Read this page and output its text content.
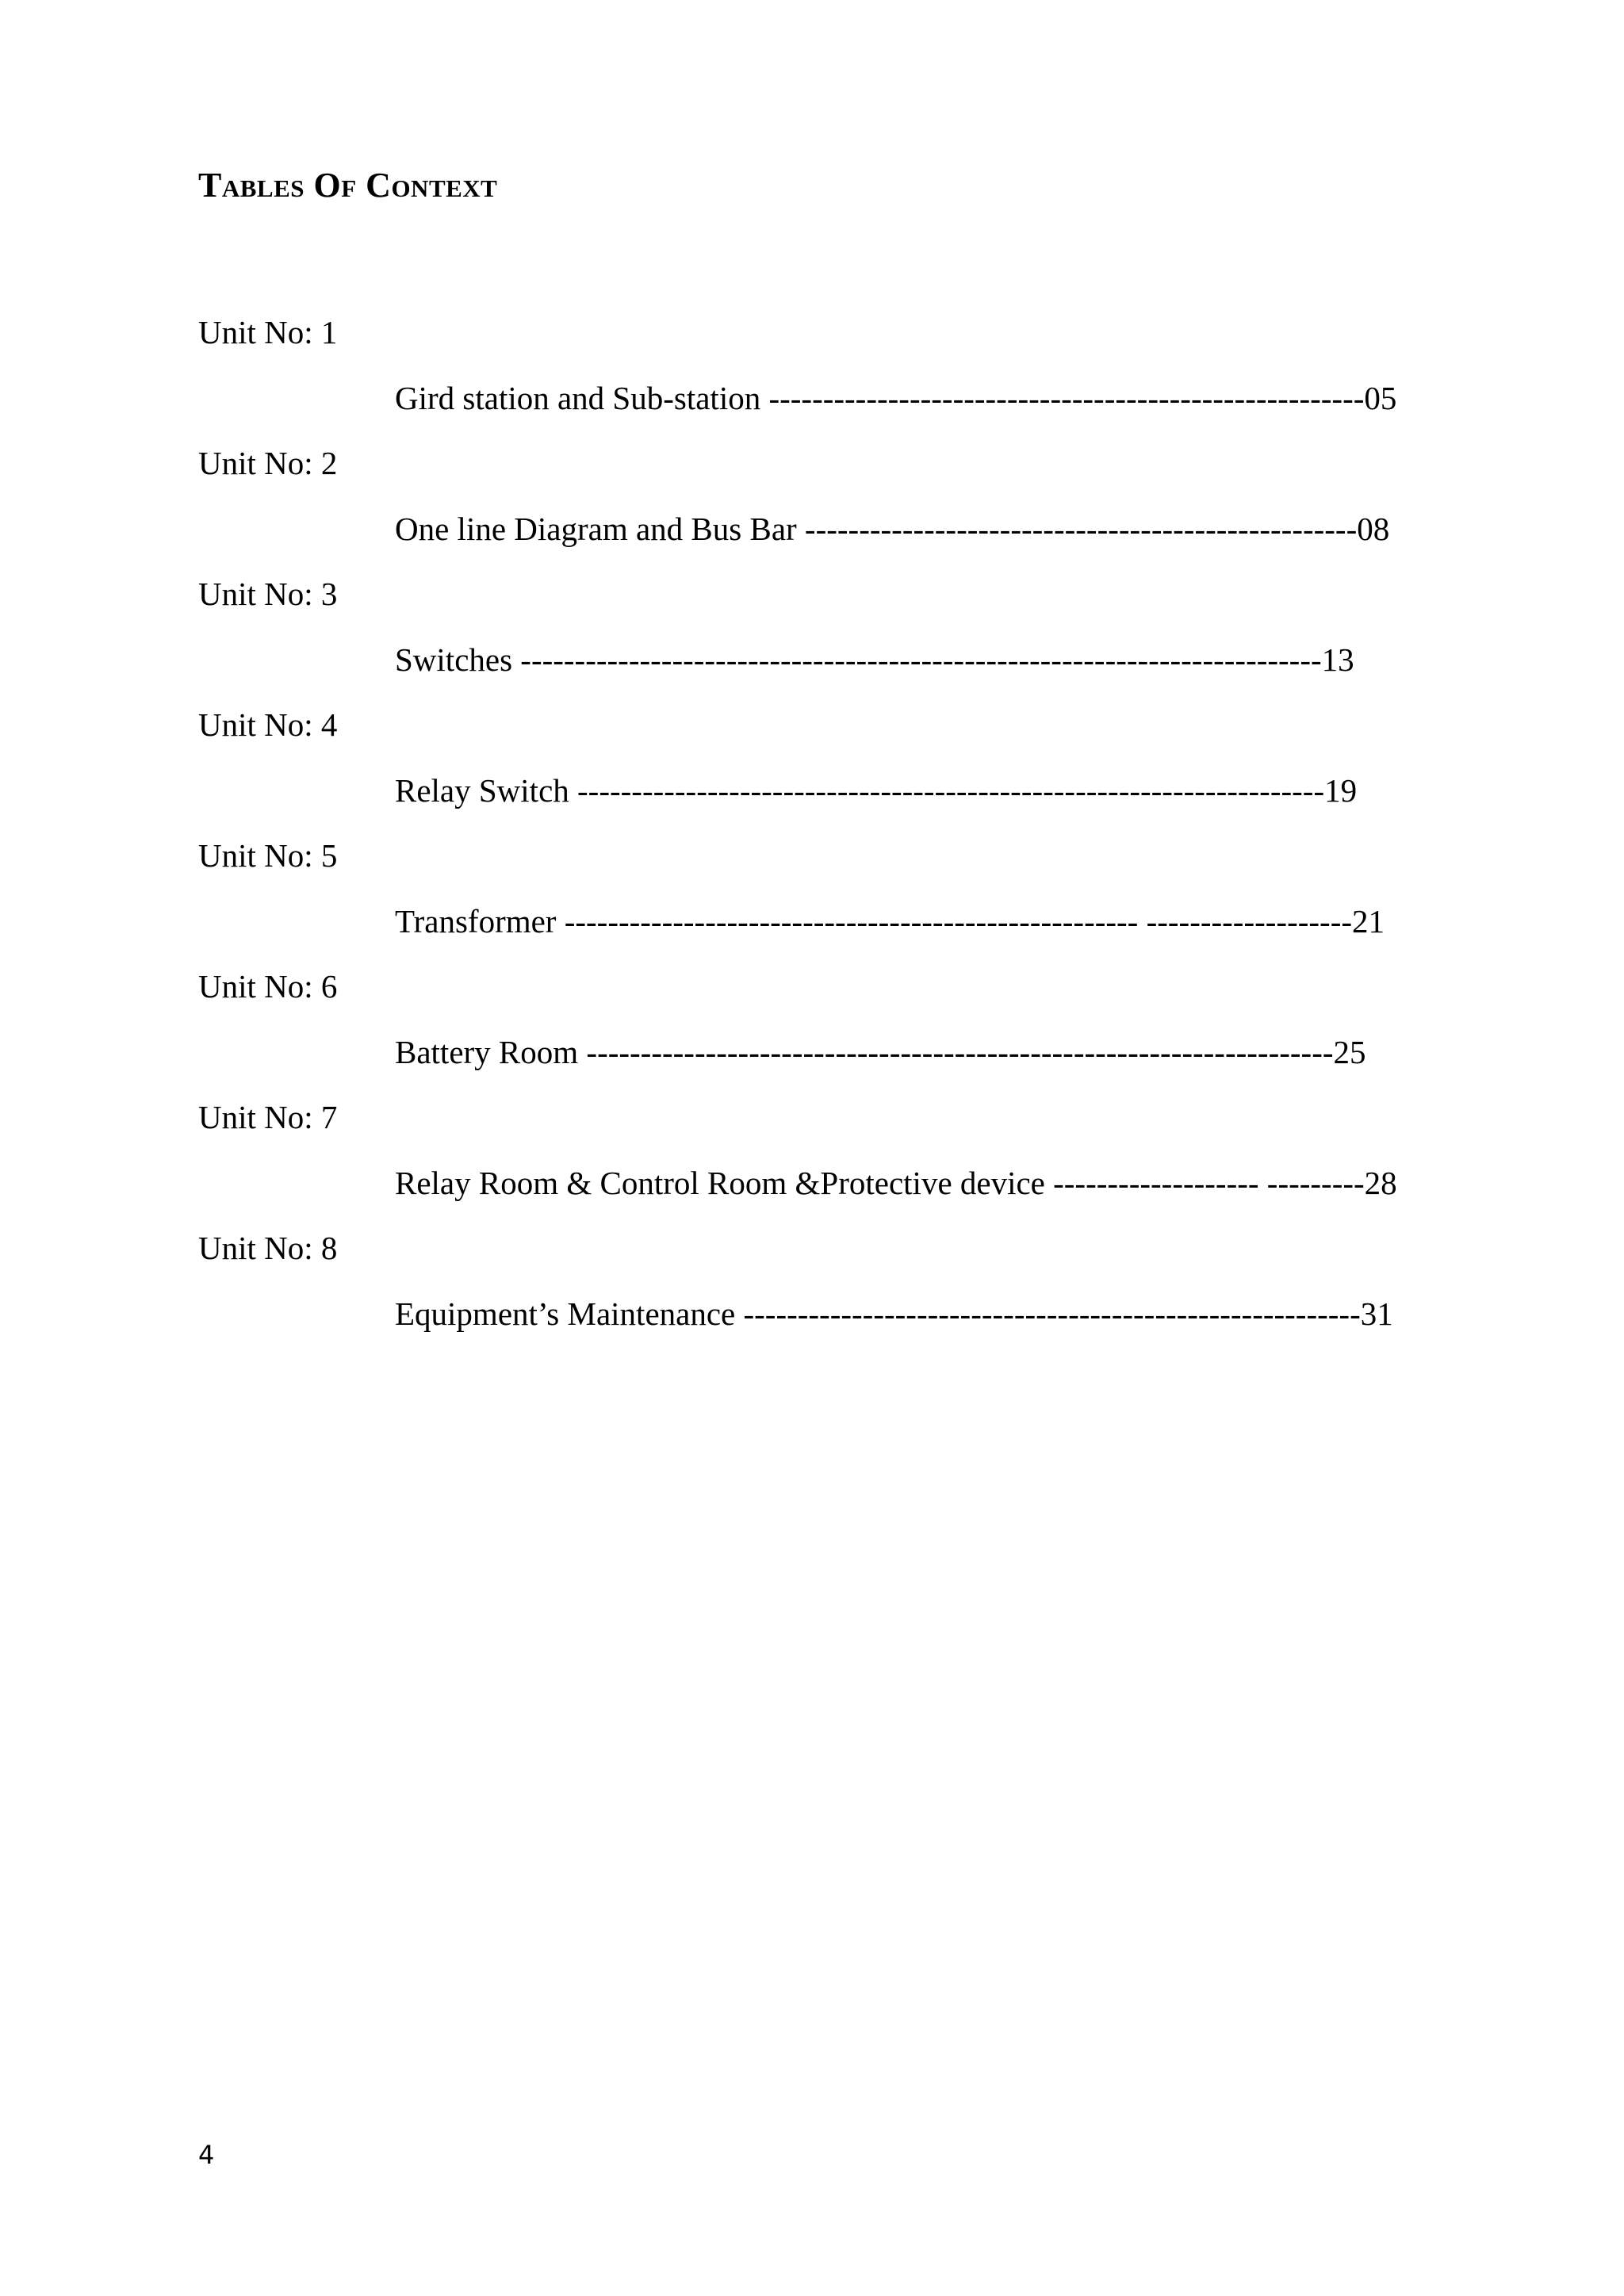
Tables Of Context
Unit No: 1
Gird station and Sub-station -------------------------------------------------------05
Unit No: 2
One line Diagram and Bus Bar ---------------------------------------------------08
Unit No: 3
Switches --------------------------------------------------------------------------13
Unit No: 4
Relay Switch ---------------------------------------------------------------------19
Unit No: 5
Transformer ----------------------------------------------------- -------------------21
Unit No: 6
Battery Room ---------------------------------------------------------------------25
Unit No: 7
Relay Room & Control Room &Protective device ------------------- ---------28
Unit No: 8
Equipment’s Maintenance ---------------------------------------------------------31
4
